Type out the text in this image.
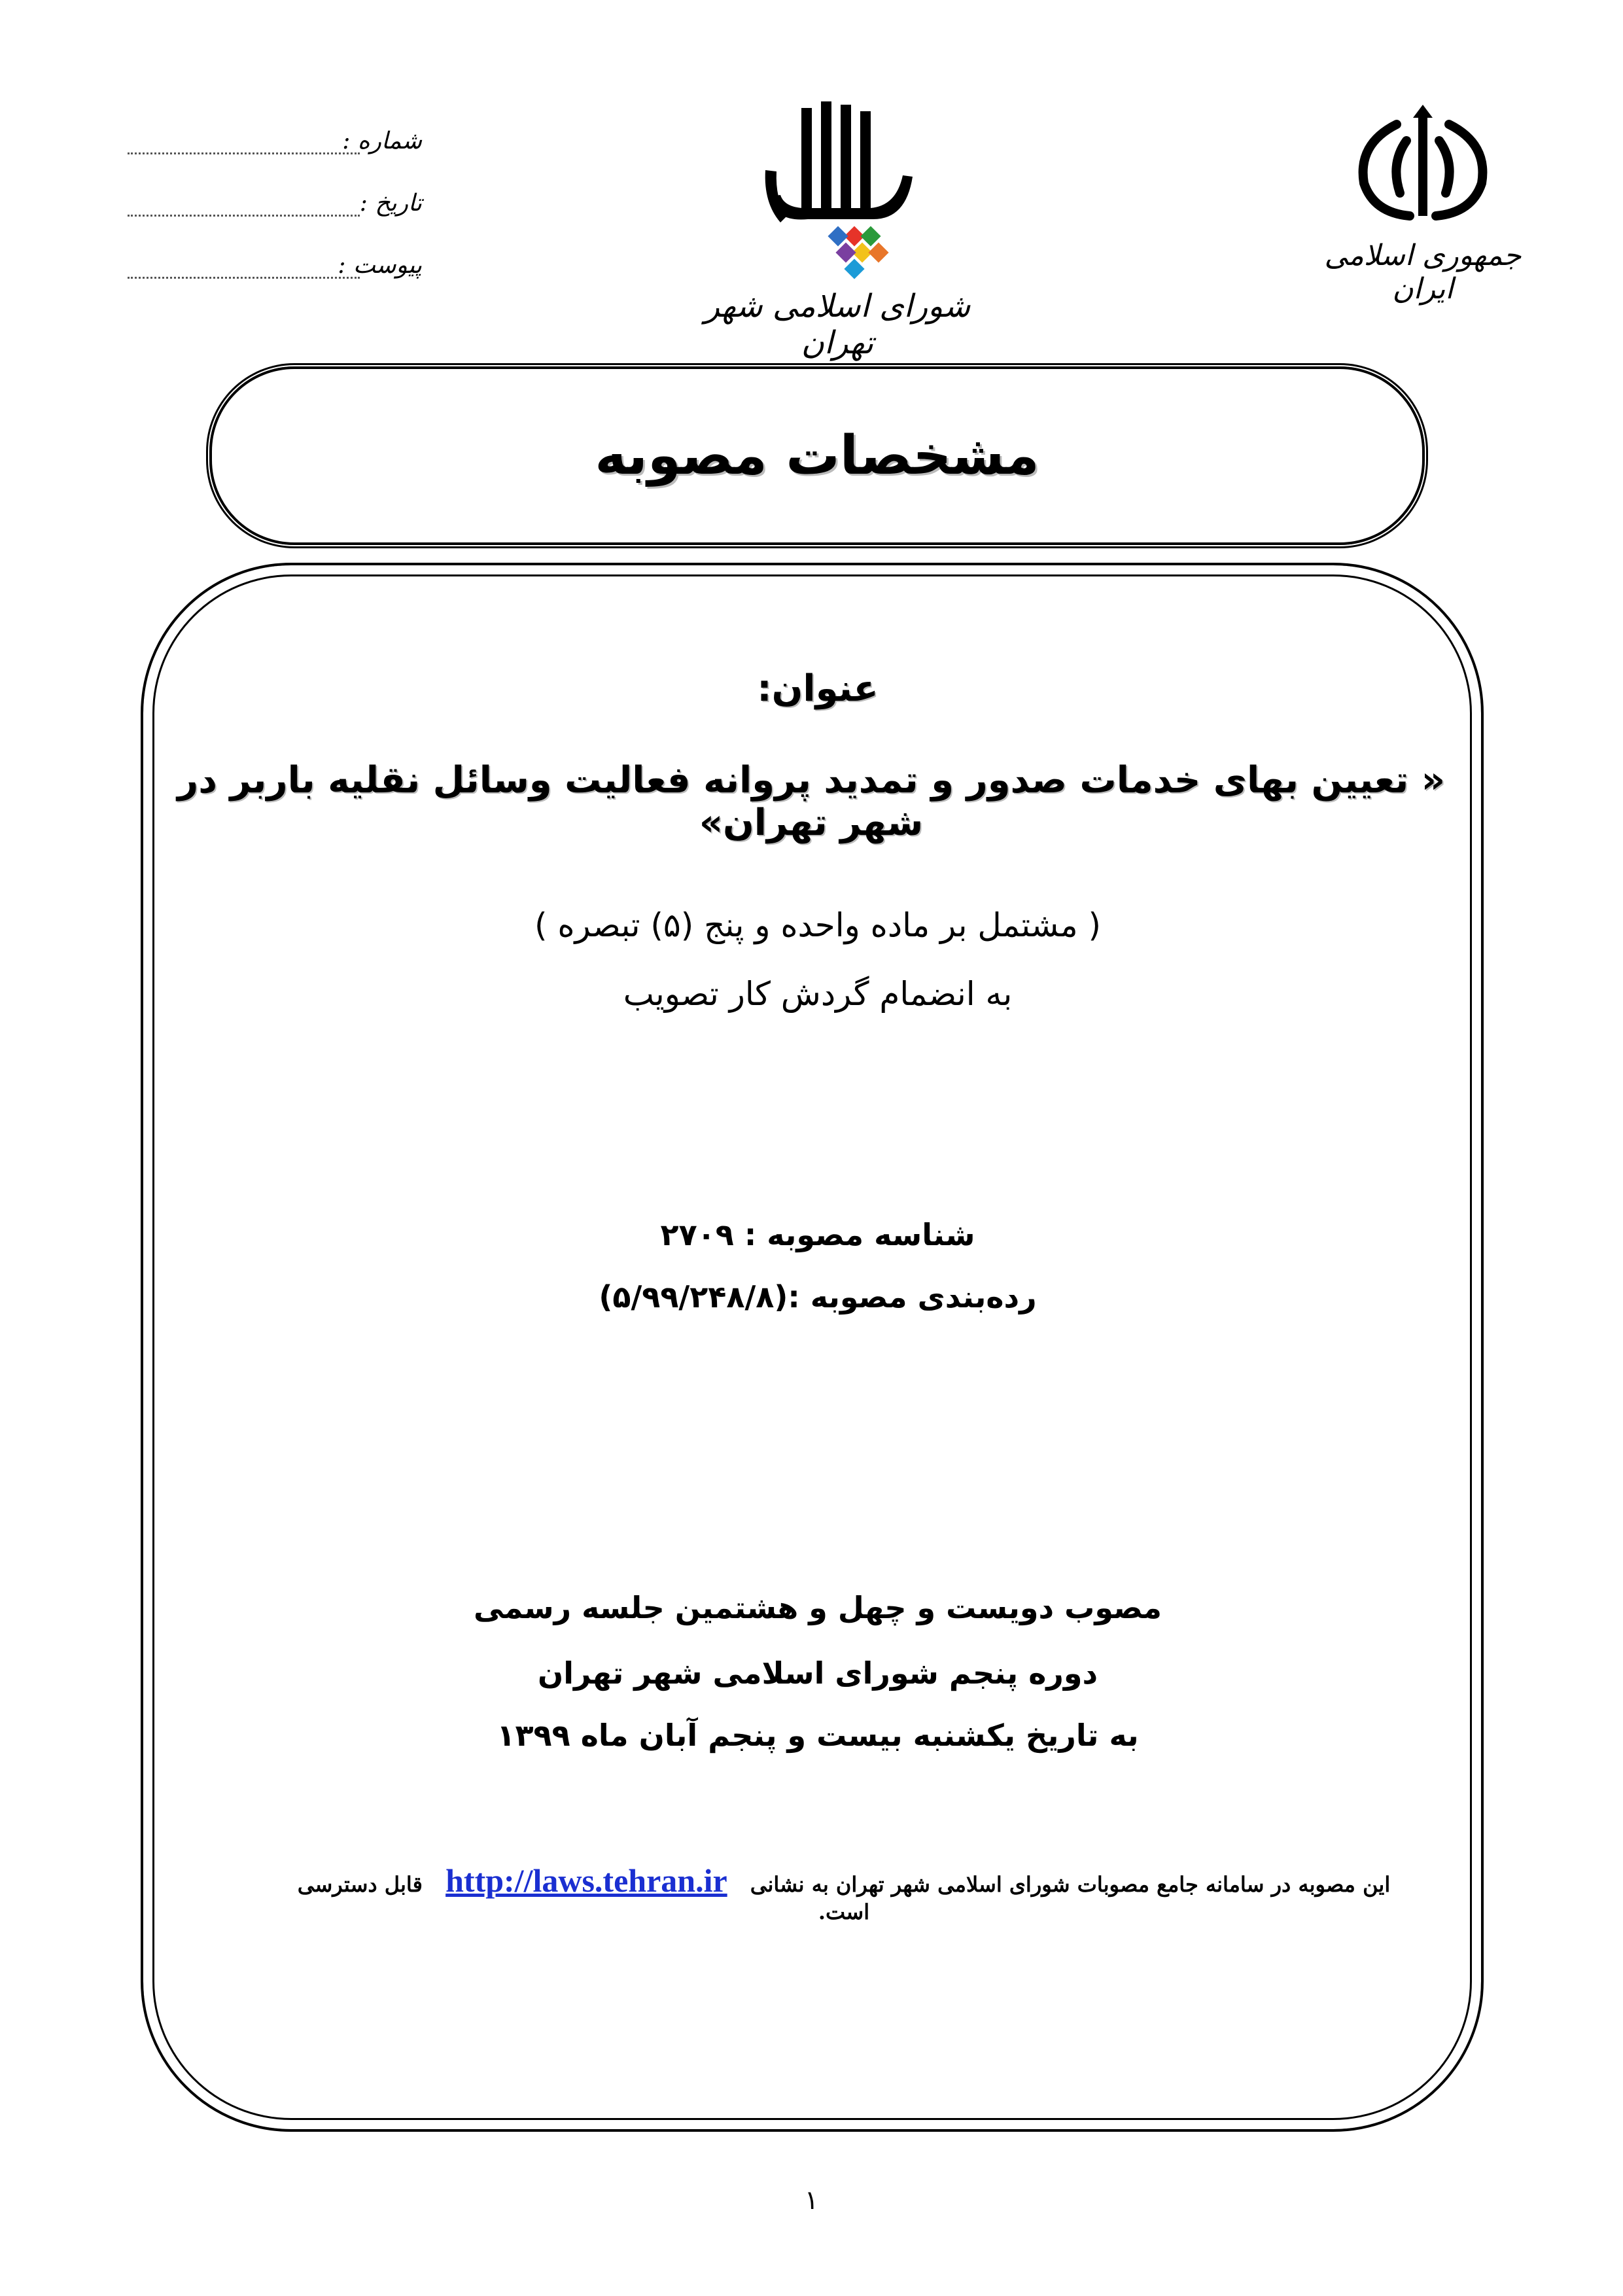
شماره :
تاریخ :
پیوست :
شورای اسلامی شهر تهران
جمهوری اسلامی ایران
مشخصات مصوبه
عنوان:
« تعیین بهای خدمات صدور و تمدید پروانه فعالیت وسائل نقلیه باربر در شهر تهران»
( مشتمل بر ماده واحده و پنج (۵) تبصره )
به انضمام گردش کار تصویب
شناسه مصوبه : ۲۷۰۹
رده‌بندی مصوبه :(۵/۹۹/۲۴۸/۸)
مصوب دویست و چهل و هشتمین جلسه رسمی
دوره پنجم شورای اسلامی شهر تهران
به تاریخ یکشنبه بیست و پنجم آبان ماه ۱۳۹۹
این مصوبه در سامانه جامع مصوبات شورای اسلامی شهر تهران به نشانی http://laws.tehran.ir قابل دسترسی است.
۱
